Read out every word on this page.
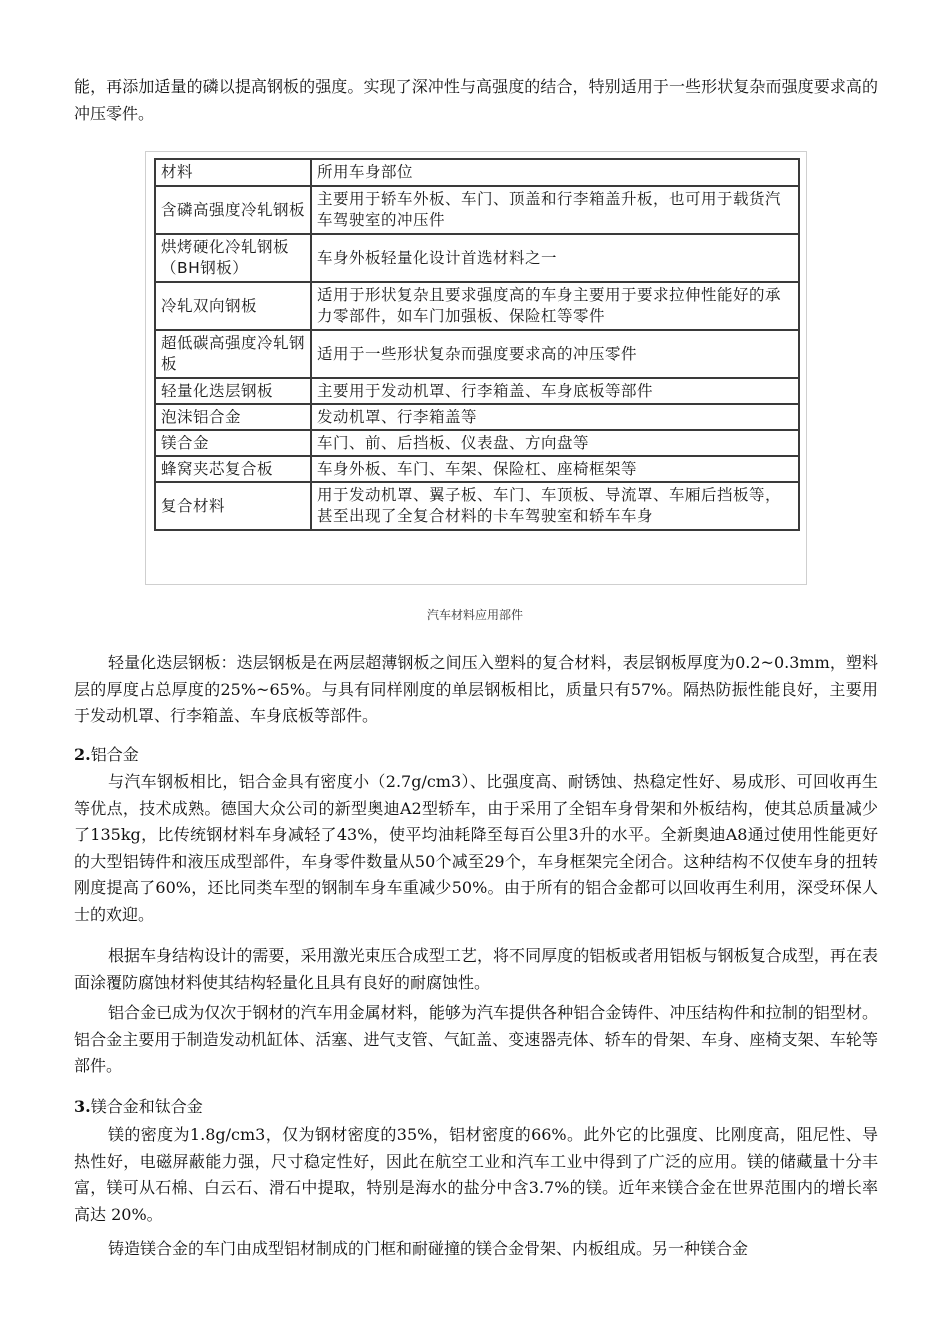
能，再添加适量的磷以提高钢板的强度。实现了深冲性与高强度的结合，特别适用于一些形状复杂而强度要求高的冲压零件。

材料	所用车身部位
含磷高强度冷轧钢板	主要用于轿车外板、车门、顶盖和行李箱盖升板，也可用于载货汽车驾驶室的冲压件
烘烤硬化冷轧钢板（BH钢板）	车身外板轻量化设计首选材料之一
冷轧双向钢板	适用于形状复杂且要求强度高的车身主要用于要求拉伸性能好的承力零部件，如车门加强板、保险杠等零件
超低碳高强度冷轧钢板	适用于一些形状复杂而强度要求高的冲压零件
轻量化迭层钢板	主要用于发动机罩、行李箱盖、车身底板等部件
泡沫铝合金	发动机罩、行李箱盖等
镁合金	车门、前、后挡板、仪表盘、方向盘等
蜂窝夹芯复合板	车身外板、车门、车架、保险杠、座椅框架等
复合材料	用于发动机罩、翼子板、车门、车顶板、导流罩、车厢后挡板等，甚至出现了全复合材料的卡车驾驶室和轿车车身
汽车材料应用部件

轻量化迭层钢板：迭层钢板是在两层超薄钢板之间压入塑料的复合材料，表层钢板厚度为0.2~0.3mm，塑料层的厚度占总厚度的25%~65%。与具有同样刚度的单层钢板相比，质量只有57%。隔热防振性能良好，主要用于发动机罩、行李箱盖、车身底板等部件。

2.铝合金

与汽车钢板相比，铝合金具有密度小（2.7g/cm3）、比强度高、耐锈蚀、热稳定性好、易成形、可回收再生等优点，技术成熟。德国大众公司的新型奥迪A2型轿车，由于采用了全铝车身骨架和外板结构，使其总质量减少了135kg，比传统钢材料车身减轻了43%，使平均油耗降至每百公里3升的水平。全新奥迪A8通过使用性能更好的大型铝铸件和液压成型部件，车身零件数量从50个减至29个，车身框架完全闭合。这种结构不仅使车身的扭转刚度提高了60%，还比同类车型的钢制车身车重减少50%。由于所有的铝合金都可以回收再生利用，深受环保人士的欢迎。

根据车身结构设计的需要，采用激光束压合成型工艺，将不同厚度的铝板或者用铝板与钢板复合成型，再在表面涂覆防腐蚀材料使其结构轻量化且具有良好的耐腐蚀性。

铝合金已成为仅次于钢材的汽车用金属材料，能够为汽车提供各种铝合金铸件、冲压结构件和拉制的铝型材。铝合金主要用于制造发动机缸体、活塞、进气支管、气缸盖、变速器壳体、轿车的骨架、车身、座椅支架、车轮等部件。

3.镁合金和钛合金

镁的密度为1.8g/cm3，仅为钢材密度的35%，铝材密度的66%。此外它的比强度、比刚度高，阻尼性、导热性好，电磁屏蔽能力强，尺寸稳定性好，因此在航空工业和汽车工业中得到了广泛的应用。镁的储藏量十分丰富，镁可从石棉、白云石、滑石中提取，特别是海水的盐分中含3.7%的镁。近年来镁合金在世界范围内的增长率高达 20%。

铸造镁合金的车门由成型铝材制成的门框和耐碰撞的镁合金骨架、内板组成。另一种镁合金
